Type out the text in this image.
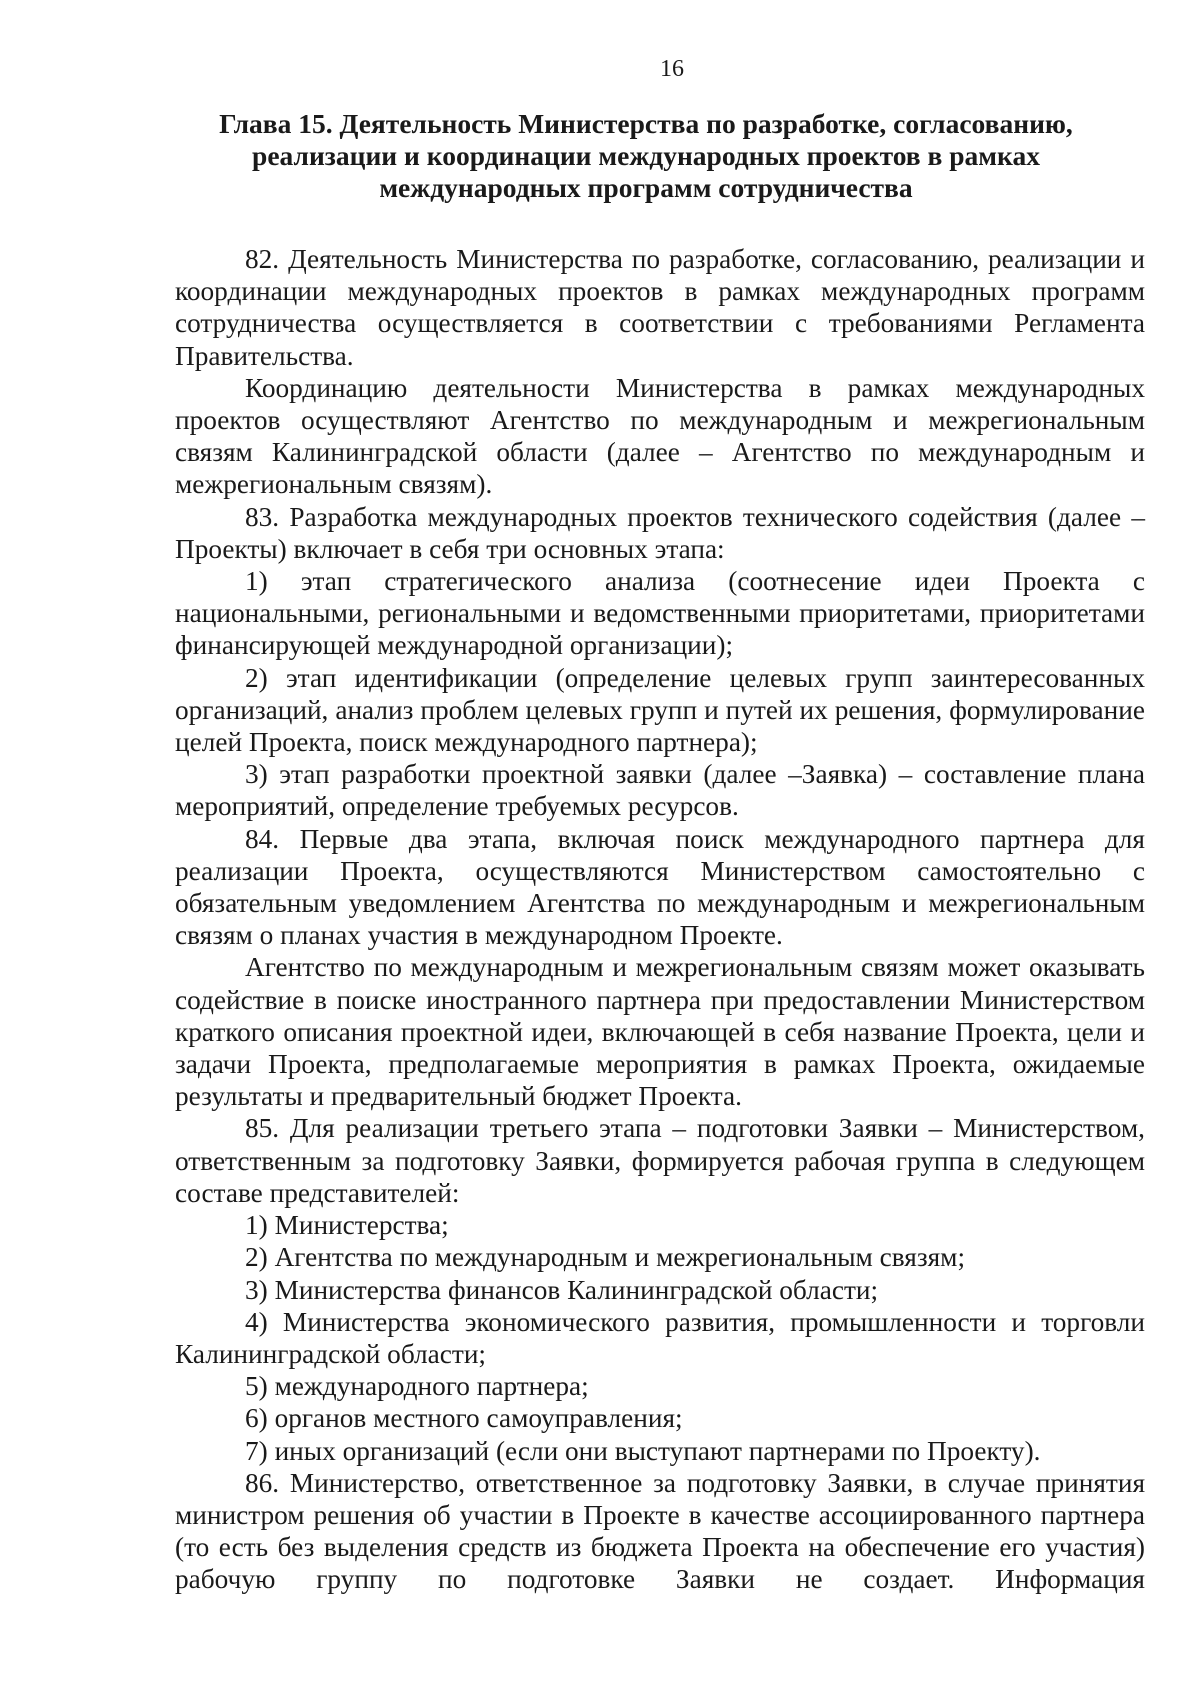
16
Глава 15. Деятельность Министерства по разработке, согласованию,
реализации и координации международных проектов в рамках
международных программ сотрудничества

82. Деятельность Министерства по разработке, согласованию, реализации и координации международных проектов в рамках международных программ сотрудничества осуществляется в соответствии с требованиями Регламента Правительства.

Координацию деятельности Министерства в рамках международных проектов осуществляют Агентство по международным и межрегиональным связям Калининградской области (далее – Агентство по международным и межрегиональным связям).

83. Разработка международных проектов технического содействия (далее –Проекты) включает в себя три основных этапа:

1) этап стратегического анализа (соотнесение идеи Проекта с национальными, региональными и ведомственными приоритетами, приоритетами финансирующей международной организации);

2) этап идентификации (определение целевых групп заинтересованных организаций, анализ проблем целевых групп и путей их решения, формулирование целей Проекта, поиск международного партнера);

3) этап разработки проектной заявки (далее –Заявка) – составление плана мероприятий, определение требуемых ресурсов.

84. Первые два этапа, включая поиск международного партнера для реализации Проекта, осуществляются Министерством самостоятельно с обязательным уведомлением Агентства по международным и межрегиональным связям о планах участия в международном Проекте.

Агентство по международным и межрегиональным связям может оказывать содействие в поиске иностранного партнера при предоставлении Министерством краткого описания проектной идеи, включающей в себя название Проекта, цели и задачи Проекта, предполагаемые мероприятия в рамках Проекта, ожидаемые результаты и предварительный бюджет Проекта.

85. Для реализации третьего этапа – подготовки Заявки – Министерством, ответственным за подготовку Заявки, формируется рабочая группа в следующем составе представителей:

1) Министерства;

2) Агентства по международным и межрегиональным связям;

3) Министерства финансов Калининградской области;

4) Министерства экономического развития, промышленности и торговли Калининградской области;

5) международного партнера;

6) органов местного самоуправления;

7) иных организаций (если они выступают партнерами по Проекту).

86. Министерство, ответственное за подготовку Заявки, в случае принятия министром решения об участии в Проекте в качестве ассоциированного партнера (то есть без выделения средств из бюджета Проекта на обеспечение его участия) рабочую группу по подготовке Заявки не создает. Информация
